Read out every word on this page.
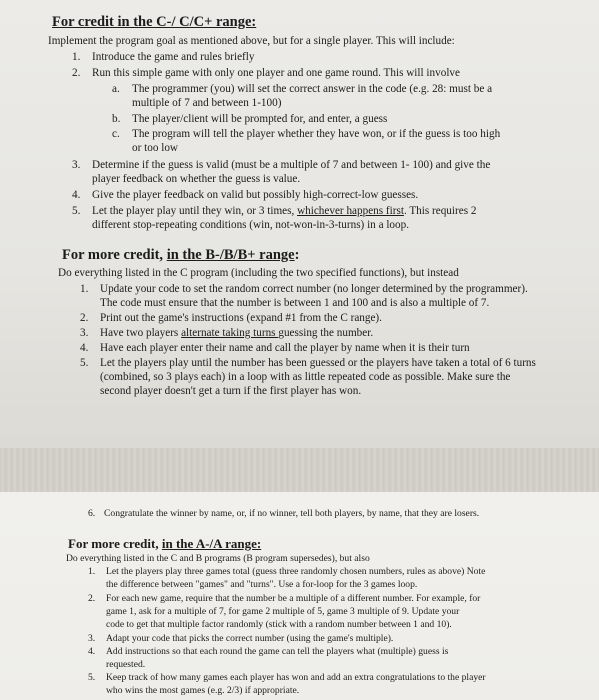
For credit in the C-/ C/C+ range:
Implement the program goal as mentioned above, but for a single player. This will include:
1. Introduce the game and rules briefly
2. Run this simple game with only one player and one game round. This will involve
a. The programmer (you) will set the correct answer in the code (e.g. 28: must be a
multiple of 7 and between 1-100)
b. The player/client will be prompted for, and enter, a guess
c. The program will tell the player whether they have won, or if the guess is too high
or too low
3. Determine if the guess is valid (must be a multiple of 7 and between 1- 100) and give the
player feedback on whether the guess is value.
4. Give the player feedback on valid but possibly high-correct-low guesses.
5. Let the player play until they win, or 3 times, whichever happens first. This requires 2
different stop-repeating conditions (win, not-won-in-3-turns) in a loop.
For more credit, in the B-/B/B+ range:
Do everything listed in the C program (including the two specified functions), but instead
1. Update your code to set the random correct number (no longer determined by the programmer).
The code must ensure that the number is between 1 and 100 and is also a multiple of 7.
2. Print out the game's instructions (expand #1 from the C range).
3. Have two players alternate taking turns guessing the number.
4. Have each player enter their name and call the player by name when it is their turn
5. Let the players play until the number has been guessed or the players have taken a total of 6 turns
(combined, so 3 plays each) in a loop with as little repeated code as possible. Make sure the
second player doesn't get a turn if the first player has won.
6. Congratulate the winner by name, or, if no winner, tell both players, by name, that they are losers.
For more credit, in the A-/A range:
Do everything listed in the C and B programs (B program supersedes), but also
1. Let the players play three games total (guess three randomly chosen numbers, rules as above) Note
the difference between "games" and "turns". Use a for-loop for the 3 games loop.
2. For each new game, require that the number be a multiple of a different number. For example, for
game 1, ask for a multiple of 7, for game 2 multiple of 5, game 3 multiple of 9. Update your
code to get that multiple factor randomly (stick with a random number between 1 and 10).
3. Adapt your code that picks the correct number (using the game's multiple).
4. Add instructions so that each round the game can tell the players what (multiple) guess is
requested.
5. Keep track of how many games each player has won and add an extra congratulations to the player
who wins the most games (e.g. 2/3) if appropriate.
